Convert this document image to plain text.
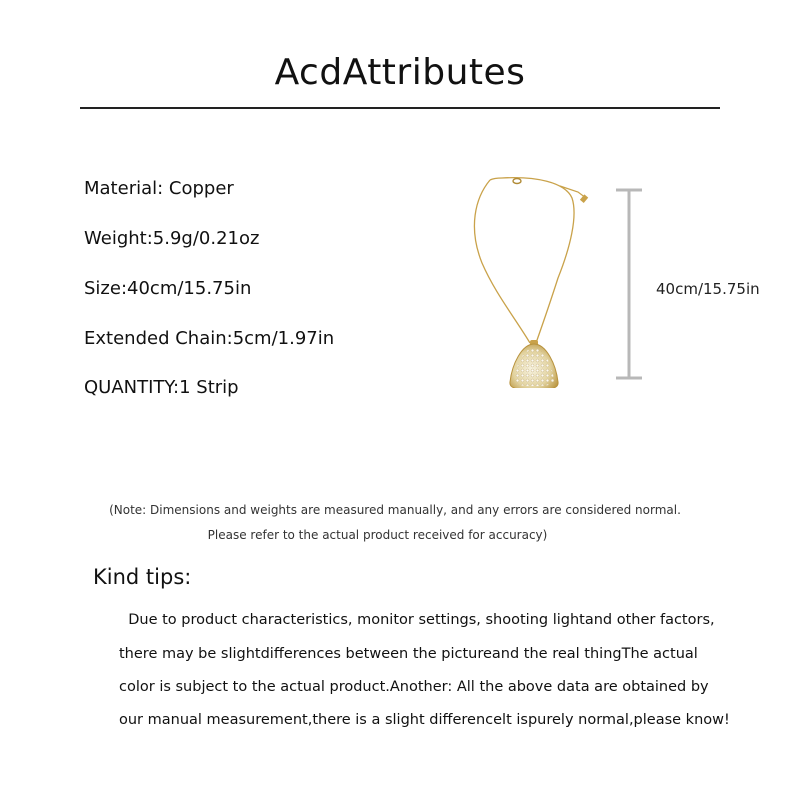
AcdAttributes
Material: Copper
Weight:5.9g/0.21oz
Size:40cm/15.75in
Extended Chain:5cm/1.97in
QUANTITY:1 Strip
40cm/15.75in
(Note: Dimensions and weights are measured manually, and any errors are considered normal.
Please refer to the actual product received for accuracy)
Kind tips:
Due to product characteristics, monitor settings, shooting lightand other factors,
there may be slightdifferences between the pictureand the real thingThe actual
color is subject to the actual product.Another: All the above data are obtained by
our manual measurement,there is a slight differencelt ispurely normal,please know!
